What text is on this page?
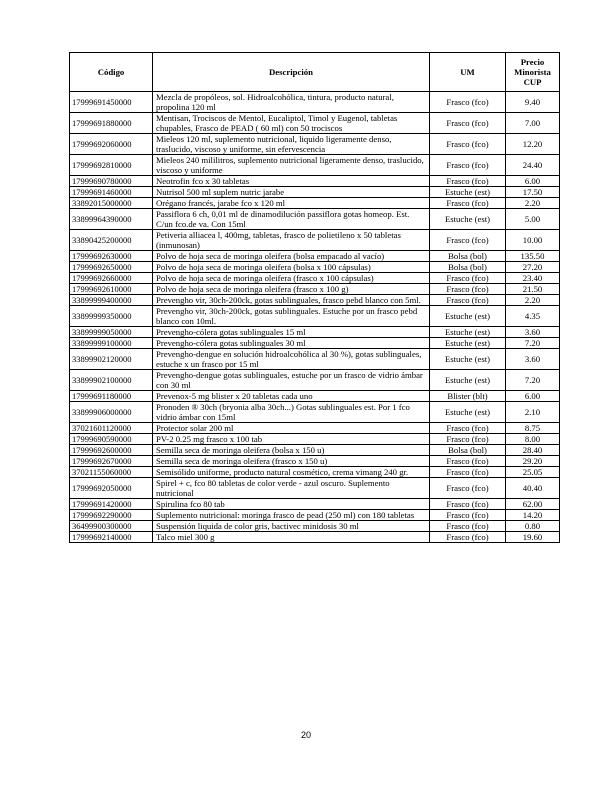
Código	Descripción	UM	Precio Minorista CUP
17999691450000	Mezcla de propóleos, sol. Hidroalcohólica, tintura, producto natural, propolina 120 ml	Frasco (fco)	9.40
17999691880000	Mentisan, Trociscos de Mentol, Eucaliptol, Timol y Eugenol, tabletas chupables, Frasco de PEAD ( 60 ml) con 50 trociscos	Frasco (fco)	7.00
17999692060000	Mieleos 120 ml, suplemento nutricional, liquido ligeramente denso, traslucido, viscoso y uniforme, sin efervescencia	Frasco (fco)	12.20
17999692810000	Mieleos 240 mililitros, suplemento nutricional ligeramente denso, traslucido, viscoso y uniforme	Frasco (fco)	24.40
17999690780000	Neotrofin fco x 30 tabletas	Frasco (fco)	6.00
17999691460000	Nutrisol 500 ml suplem nutric jarabe	Estuche (est)	17.50
33892015000000	Orégano francés, jarabe fco x 120 ml	Frasco (fco)	2.20
33899964390000	Passiflora 6 ch, 0,01 ml de dinamodilución passiflora gotas homeop. Est. C/un fco.de va. Con 15ml	Estuche (est)	5.00
33890425200000	Petiveria alliacea l, 400mg, tabletas, frasco de polietileno x 50 tabletas (inmunosan)	Frasco (fco)	10.00
17999692630000	Polvo de hoja seca de moringa oleifera (bolsa empacado al vacío)	Bolsa (bol)	135.50
17999692650000	Polvo de hoja seca de moringa oleifera (bolsa x 100 cápsulas)	Bolsa (bol)	27.20
17999692660000	Polvo de hoja seca de moringa oleifera (frasco x 100 cápsulas)	Frasco (fco)	23.40
17999692610000	Polvo de hoja seca de moringa oleifera (frasco x 100 g)	Frasco (fco)	21.50
33899999400000	Prevengho vir, 30ch-200ck, gotas sublinguales, frasco pebd blanco con 5ml.	Frasco (fco)	2.20
33899999350000	Prevengho vir, 30ch-200ck, gotas sublinguales. Estuche por un frasco pebd blanco con 10ml.	Estuche (est)	4.35
33899999050000	Prevengho-cólera gotas sublinguales 15 ml	Estuche (est)	3.60
33899999100000	Prevengho-cólera gotas sublinguales 30 ml	Estuche (est)	7.20
33899902120000	Prevengho-dengue en solución hidroalcohólica al 30 %), gotas sublinguales, estuche x un frasco por 15 ml	Estuche (est)	3.60
33899902100000	Prevengho-dengue gotas sublinguales, estuche por un frasco de vidrio ámbar con 30 ml	Estuche (est)	7.20
17999691180000	Prevenox-5 mg blister x 20 tabletas cada uno	Blister (blt)	6.00
33899906000000	Pronoden ® 30ch (bryonia alba 30ch...) Gotas sublinguales est. Por 1 fco vidrio ámbar con 15ml	Estuche (est)	2.10
37021601120000	Protector solar 200 ml	Frasco (fco)	8.75
17999690590000	PV-2 0.25 mg frasco x 100 tab	Frasco (fco)	8.00
17999692600000	Semilla seca de moringa oleifera (bolsa x 150 u)	Bolsa (bol)	28.40
17999692670000	Semilla seca de moringa oleifera (frasco x 150 u)	Frasco (fco)	29.20
37021155060000	Semisólido uniforme, producto natural cosmético, crema vimang 240 gr.	Frasco (fco)	25.05
17999692050000	Spirel + c, fco 80 tabletas de color verde - azul oscuro. Suplemento nutricional	Frasco (fco)	40.40
17999691420000	Spirulina fco 80 tab	Frasco (fco)	62.00
17999692290000	Suplemento nutricional: moringa frasco de pead (250 ml) con 180 tabletas	Frasco (fco)	14.20
36499900300000	Suspensión liquida de color gris, bactivec minidosis 30 ml	Frasco (fco)	0.80
17999692140000	Talco miel 300 g	Frasco (fco)	19.60
20
